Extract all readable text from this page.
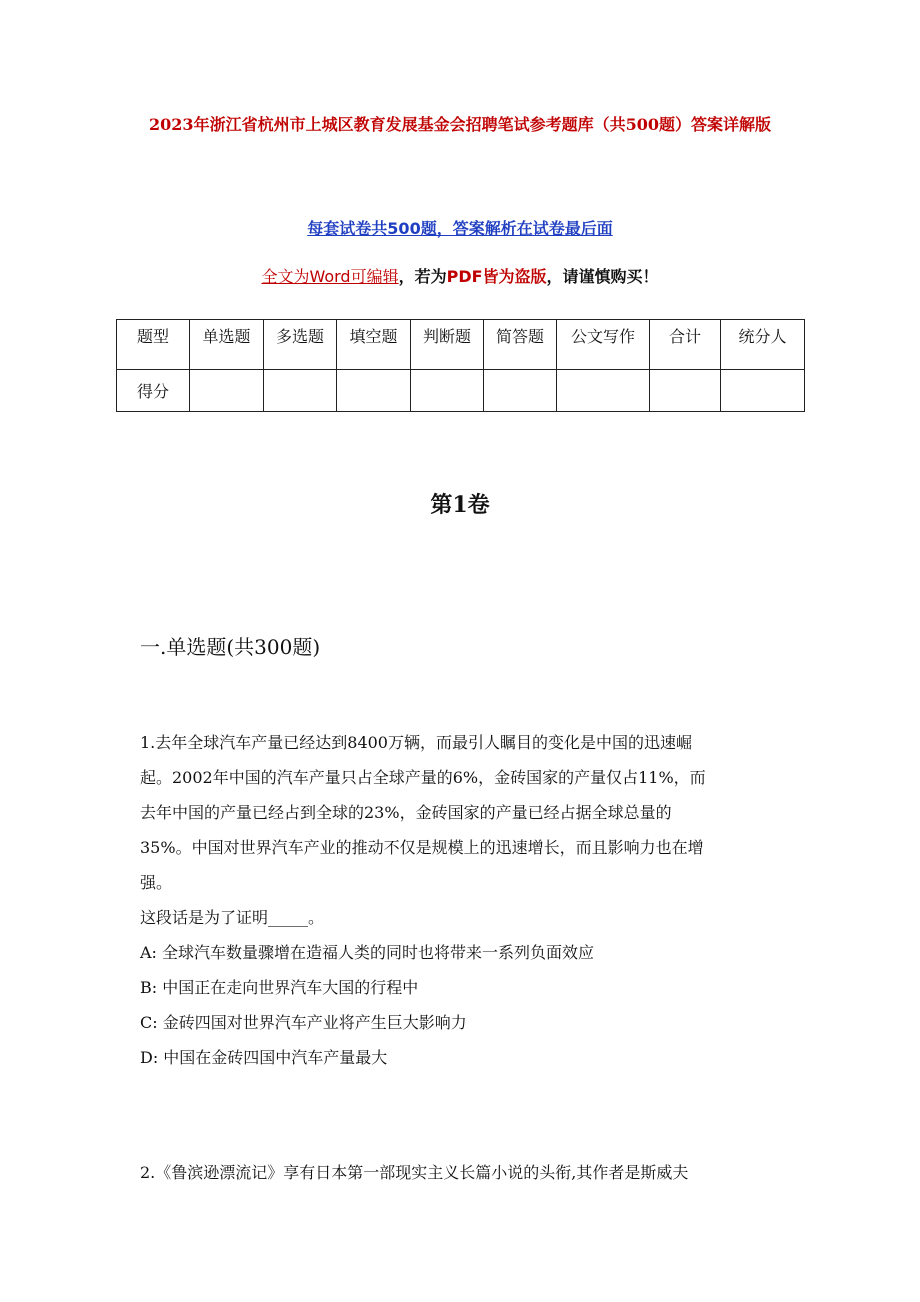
2023年浙江省杭州市上城区教育发展基金会招聘笔试参考题库（共500题）答案详解版
每套试卷共500题，答案解析在试卷最后面
全文为Word可编辑，若为PDF皆为盗版，请谨慎购买！
题型	单选题	多选题	填空题	判断题	简答题	公文写作	合计	统分人
得分								
第1卷
一.单选题(共300题)
1.去年全球汽车产量已经达到8400万辆，而最引人瞩目的变化是中国的迅速崛
起。2002年中国的汽车产量只占全球产量的6%，金砖国家的产量仅占11%，而
去年中国的产量已经占到全球的23%，金砖国家的产量已经占据全球总量的
35%。中国对世界汽车产业的推动不仅是规模上的迅速增长，而且影响力也在增
强。
这段话是为了证明_____。
A: 全球汽车数量骤增在造福人类的同时也将带来一系列负面效应
B: 中国正在走向世界汽车大国的行程中
C: 金砖四国对世界汽车产业将产生巨大影响力
D: 中国在金砖四国中汽车产量最大
2.《鲁滨逊漂流记》享有日本第一部现实主义长篇小说的头衔,其作者是斯威夫
